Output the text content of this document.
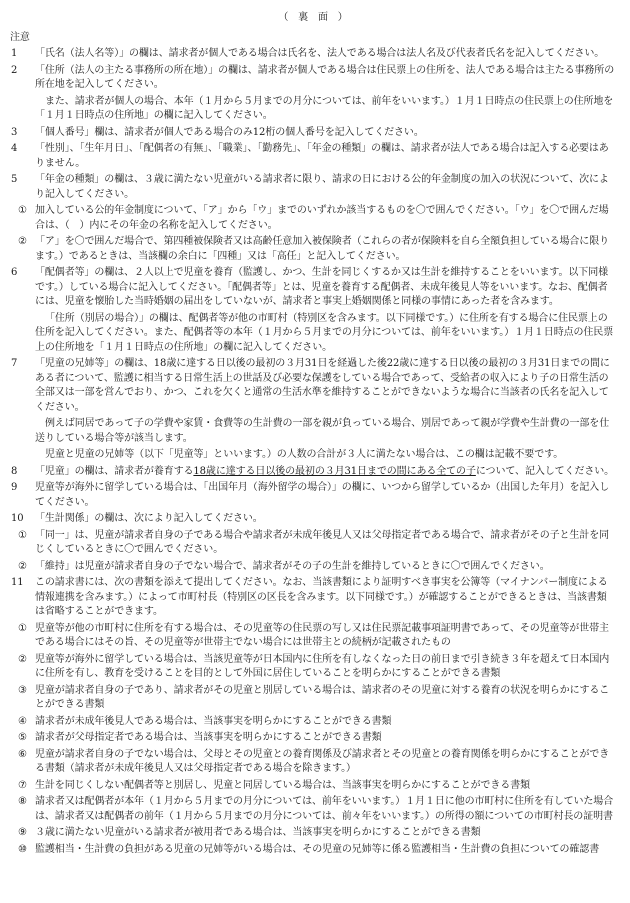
（　裏　面　）
注意
1 「氏名（法人名等）」の欄は、請求者が個人である場合は氏名を、法人である場合は法人名及び代表者氏名を記入してください。
2 「住所（法人の主たる事務所の所在地）」の欄は、請求者が個人である場合は住民票上の住所を、法人である場合は主たる事務所の所在地を記入してください。

また、請求者が個人の場合、本年（１月から５月までの月分については、前年をいいます。）１月１日時点の住民票上の住所地を「１月１日時点の住所地」の欄に記入してください。

3 「個人番号」欄は、請求者が個人である場合のみ12桁の個人番号を記入してください。
4 「性別」、「生年月日」、「配偶者の有無」、「職業」、「勤務先」、「年金の種類」の欄は、請求者が法人である場合は記入する必要はありません。
5 「年金の種類」の欄は、３歳に満たない児童がいる請求者に限り、請求の日における公的年金制度の加入の状況について、次により記入してください。
① 加入している公的年金制度について、「ア」から「ウ」までのいずれか該当するものを〇で囲んでください。「ウ」を〇で囲んだ場合は、（　）内にその年金の名称を記入してください。
② 「ア」を〇で囲んだ場合で、第四種被保険者又は高齢任意加入被保険者（これらの者が保険料を自ら全額負担している場合に限ります。）であるときは、当該欄の余白に「四種」又は「高任」と記入してください。
6 「配偶者等」の欄は、２人以上で児童を養育（監護し、かつ、生計を同じくするか又は生計を維持することをいいます。以下同様です。）している場合に記入してください。「配偶者等」とは、児童を養育する配偶者、未成年後見人等をいいます。なお、配偶者には、児童を懐胎した当時婚姻の届出をしていないが、請求者と事実上婚姻関係と同様の事情にあった者を含みます。

「住所（別居の場合）」の欄は、配偶者等が他の市町村（特別区を含みます。以下同様です。）に住所を有する場合に住民票上の住所を記入してください。また、配偶者等の本年（１月から５月までの月分については、前年をいいます。）１月１日時点の住民票上の住所地を「１月１日時点の住所地」の欄に記入してください。

7 「児童の兄姉等」の欄は、18歳に達する日以後の最初の３月31日を経過した後22歳に達する日以後の最初の３月31日までの間にある者について、監護に相当する日常生活上の世話及び必要な保護をしている場合であって、受給者の収入により子の日常生活の全部又は一部を営んでおり、かつ、これを欠くと通常の生活水準を維持することができないような場合に当該者の氏名を記入してください。

例えば同居であって子の学費や家賃・食費等の生計費の一部を親が負っている場合、別居であって親が学費や生計費の一部を仕送りしている場合等が該当します。

児童と児童の兄姉等（以下「児童等」といいます。）の人数の合計が３人に満たない場合は、この欄は記載不要です。

8 「児童」の欄は、請求者が養育する18歳に達する日以後の最初の３月31日までの間にある全ての子について、記入してください。
9 児童等が海外に留学している場合は、「出国年月（海外留学の場合）」の欄に、いつから留学しているか（出国した年月）を記入してください。
10 「生計関係」の欄は、次により記入してください。
① 「同一」は、児童が請求者自身の子である場合や請求者が未成年後見人又は父母指定者である場合で、請求者がその子と生計を同じくしているときに〇で囲んでください。
② 「維持」は児童が請求者自身の子でない場合で、請求者がその子の生計を維持しているときに〇で囲んでください。
11 この請求書には、次の書類を添えて提出してください。なお、当該書類により証明すべき事実を公簿等（マイナンバー制度による情報連携を含みます。）によって市町村長（特別区の区長を含みます。以下同様です。）が確認することができるときは、当該書類は省略することができます。
① 児童等が他の市町村に住所を有する場合は、その児童等の住民票の写し又は住民票記載事項証明書であって、その児童等が世帯主である場合にはその旨、その児童等が世帯主でない場合には世帯主との続柄が記載されたもの
② 児童等が海外に留学している場合は、当該児童等が日本国内に住所を有しなくなった日の前日まで引き続き３年を超えて日本国内に住所を有し、教育を受けることを目的として外国に居住していることを明らかにすることができる書類
③ 児童が請求者自身の子であり、請求者がその児童と別居している場合は、請求者のその児童に対する養育の状況を明らかにすることができる書類
④ 請求者が未成年後見人である場合は、当該事実を明らかにすることができる書類
⑤ 請求者が父母指定者である場合は、当該事実を明らかにすることができる書類
⑥ 児童が請求者自身の子でない場合は、父母とその児童との養育関係及び請求者とその児童との養育関係を明らかにすることができる書類（請求者が未成年後見人又は父母指定者である場合を除きます。）
⑦ 生計を同じくしない配偶者等と別居し、児童と同居している場合は、当該事実を明らかにすることができる書類
⑧ 請求者又は配偶者が本年（１月から５月までの月分については、前年をいいます。）１月１日に他の市町村に住所を有していた場合は、請求者又は配偶者の前年（１月から５月までの月分については、前々年をいいます。）の所得の額についての市町村長の証明書
⑨ ３歳に満たない児童がいる請求者が被用者である場合は、当該事実を明らかにすることができる書類
⑩ 監護相当・生計費の負担がある児童の兄姉等がいる場合は、その児童の兄姉等に係る監護相当・生計費の負担についての確認書
